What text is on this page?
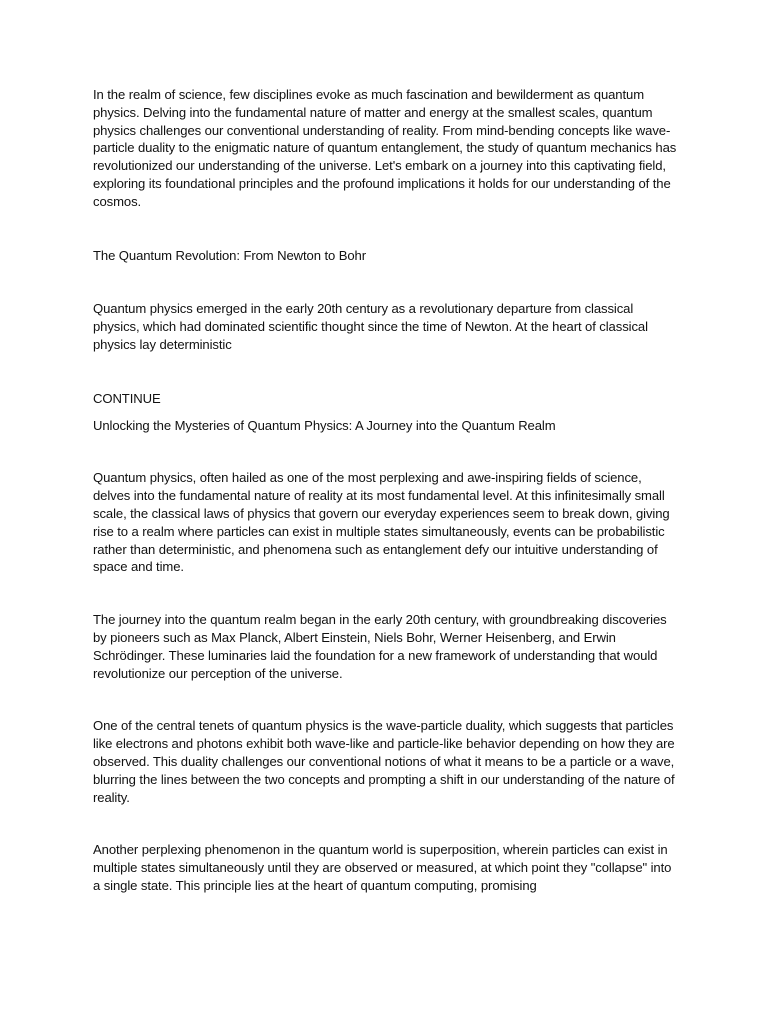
In the realm of science, few disciplines evoke as much fascination and bewilderment as quantum physics. Delving into the fundamental nature of matter and energy at the smallest scales, quantum physics challenges our conventional understanding of reality. From mind-bending concepts like wave-particle duality to the enigmatic nature of quantum entanglement, the study of quantum mechanics has revolutionized our understanding of the universe. Let's embark on a journey into this captivating field, exploring its foundational principles and the profound implications it holds for our understanding of the cosmos.

The Quantum Revolution: From Newton to Bohr

Quantum physics emerged in the early 20th century as a revolutionary departure from classical physics, which had dominated scientific thought since the time of Newton. At the heart of classical physics lay deterministic

CONTINUE

Unlocking the Mysteries of Quantum Physics: A Journey into the Quantum Realm

Quantum physics, often hailed as one of the most perplexing and awe-inspiring fields of science, delves into the fundamental nature of reality at its most fundamental level. At this infinitesimally small scale, the classical laws of physics that govern our everyday experiences seem to break down, giving rise to a realm where particles can exist in multiple states simultaneously, events can be probabilistic rather than deterministic, and phenomena such as entanglement defy our intuitive understanding of space and time.

The journey into the quantum realm began in the early 20th century, with groundbreaking discoveries by pioneers such as Max Planck, Albert Einstein, Niels Bohr, Werner Heisenberg, and Erwin Schrödinger. These luminaries laid the foundation for a new framework of understanding that would revolutionize our perception of the universe.

One of the central tenets of quantum physics is the wave-particle duality, which suggests that particles like electrons and photons exhibit both wave-like and particle-like behavior depending on how they are observed. This duality challenges our conventional notions of what it means to be a particle or a wave, blurring the lines between the two concepts and prompting a shift in our understanding of the nature of reality.

Another perplexing phenomenon in the quantum world is superposition, wherein particles can exist in multiple states simultaneously until they are observed or measured, at which point they "collapse" into a single state. This principle lies at the heart of quantum computing, promising
